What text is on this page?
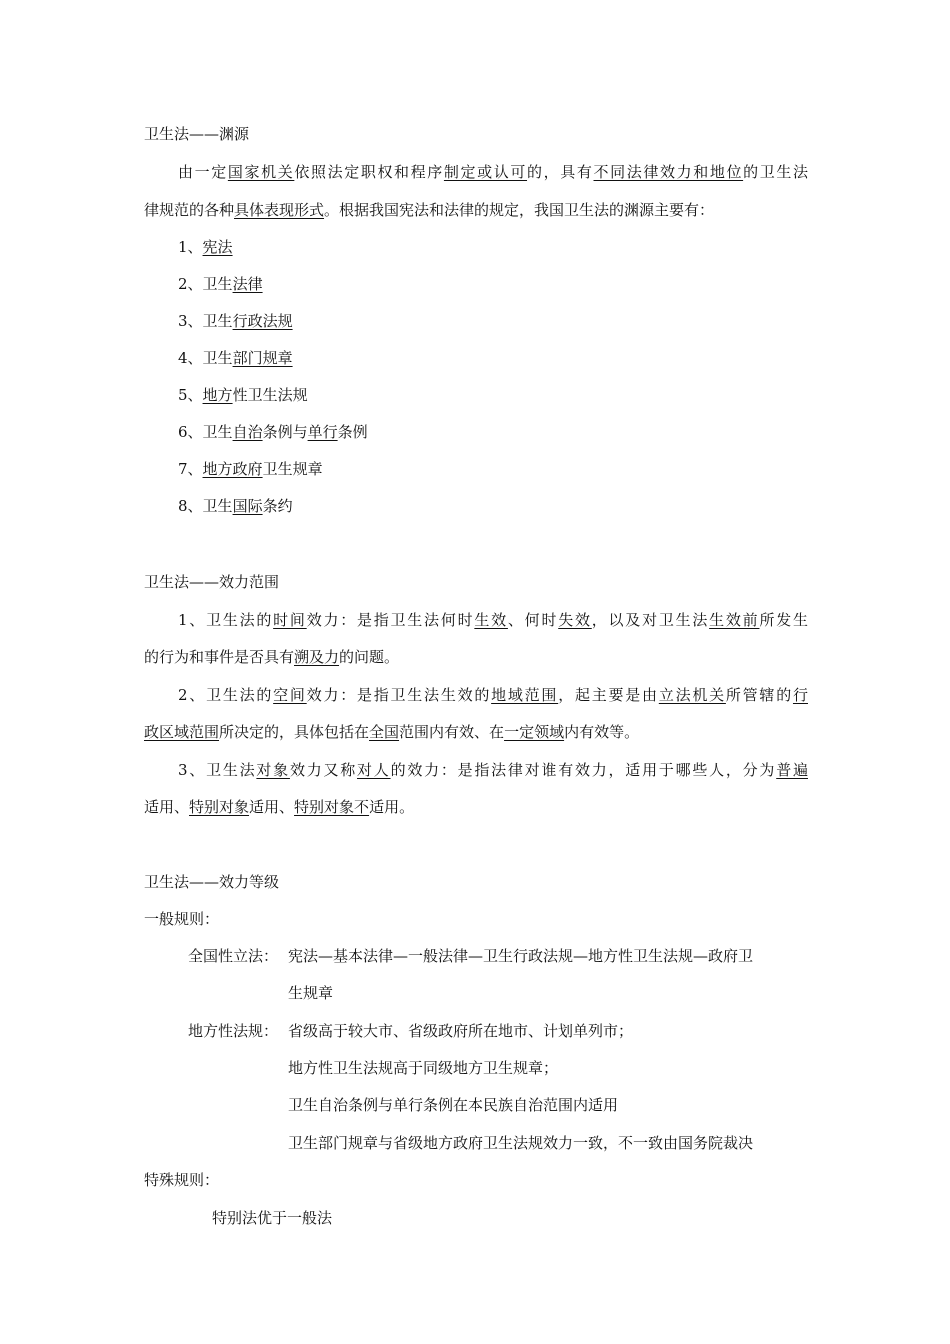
卫生法——渊源
由一定国家机关依照法定职权和程序制定或认可的，具有不同法律效力和地位的卫生法
律规范的各种具体表现形式。根据我国宪法和法律的规定，我国卫生法的渊源主要有：
1、宪法
2、卫生法律
3、卫生行政法规
4、卫生部门规章
5、地方性卫生法规
6、卫生自治条例与单行条例
7、地方政府卫生规章
8、卫生国际条约
卫生法——效力范围
1、卫生法的时间效力：是指卫生法何时生效、何时失效，以及对卫生法生效前所发生
的行为和事件是否具有溯及力的问题。
2、卫生法的空间效力：是指卫生法生效的地域范围，起主要是由立法机关所管辖的行
政区域范围所决定的，具体包括在全国范围内有效、在一定领域内有效等。
3、卫生法对象效力又称对人的效力：是指法律对谁有效力，适用于哪些人，分为普遍
适用、特别对象适用、特别对象不适用。
卫生法——效力等级
一般规则：
全国性立法： 宪法—基本法律—一般法律—卫生行政法规—地方性卫生法规—政府卫
生规章
地方性法规： 省级高于较大市、省级政府所在地市、计划单列市；
地方性卫生法规高于同级地方卫生规章；
卫生自治条例与单行条例在本民族自治范围内适用
卫生部门规章与省级地方政府卫生法规效力一致，不一致由国务院裁决
特殊规则：
特别法优于一般法
